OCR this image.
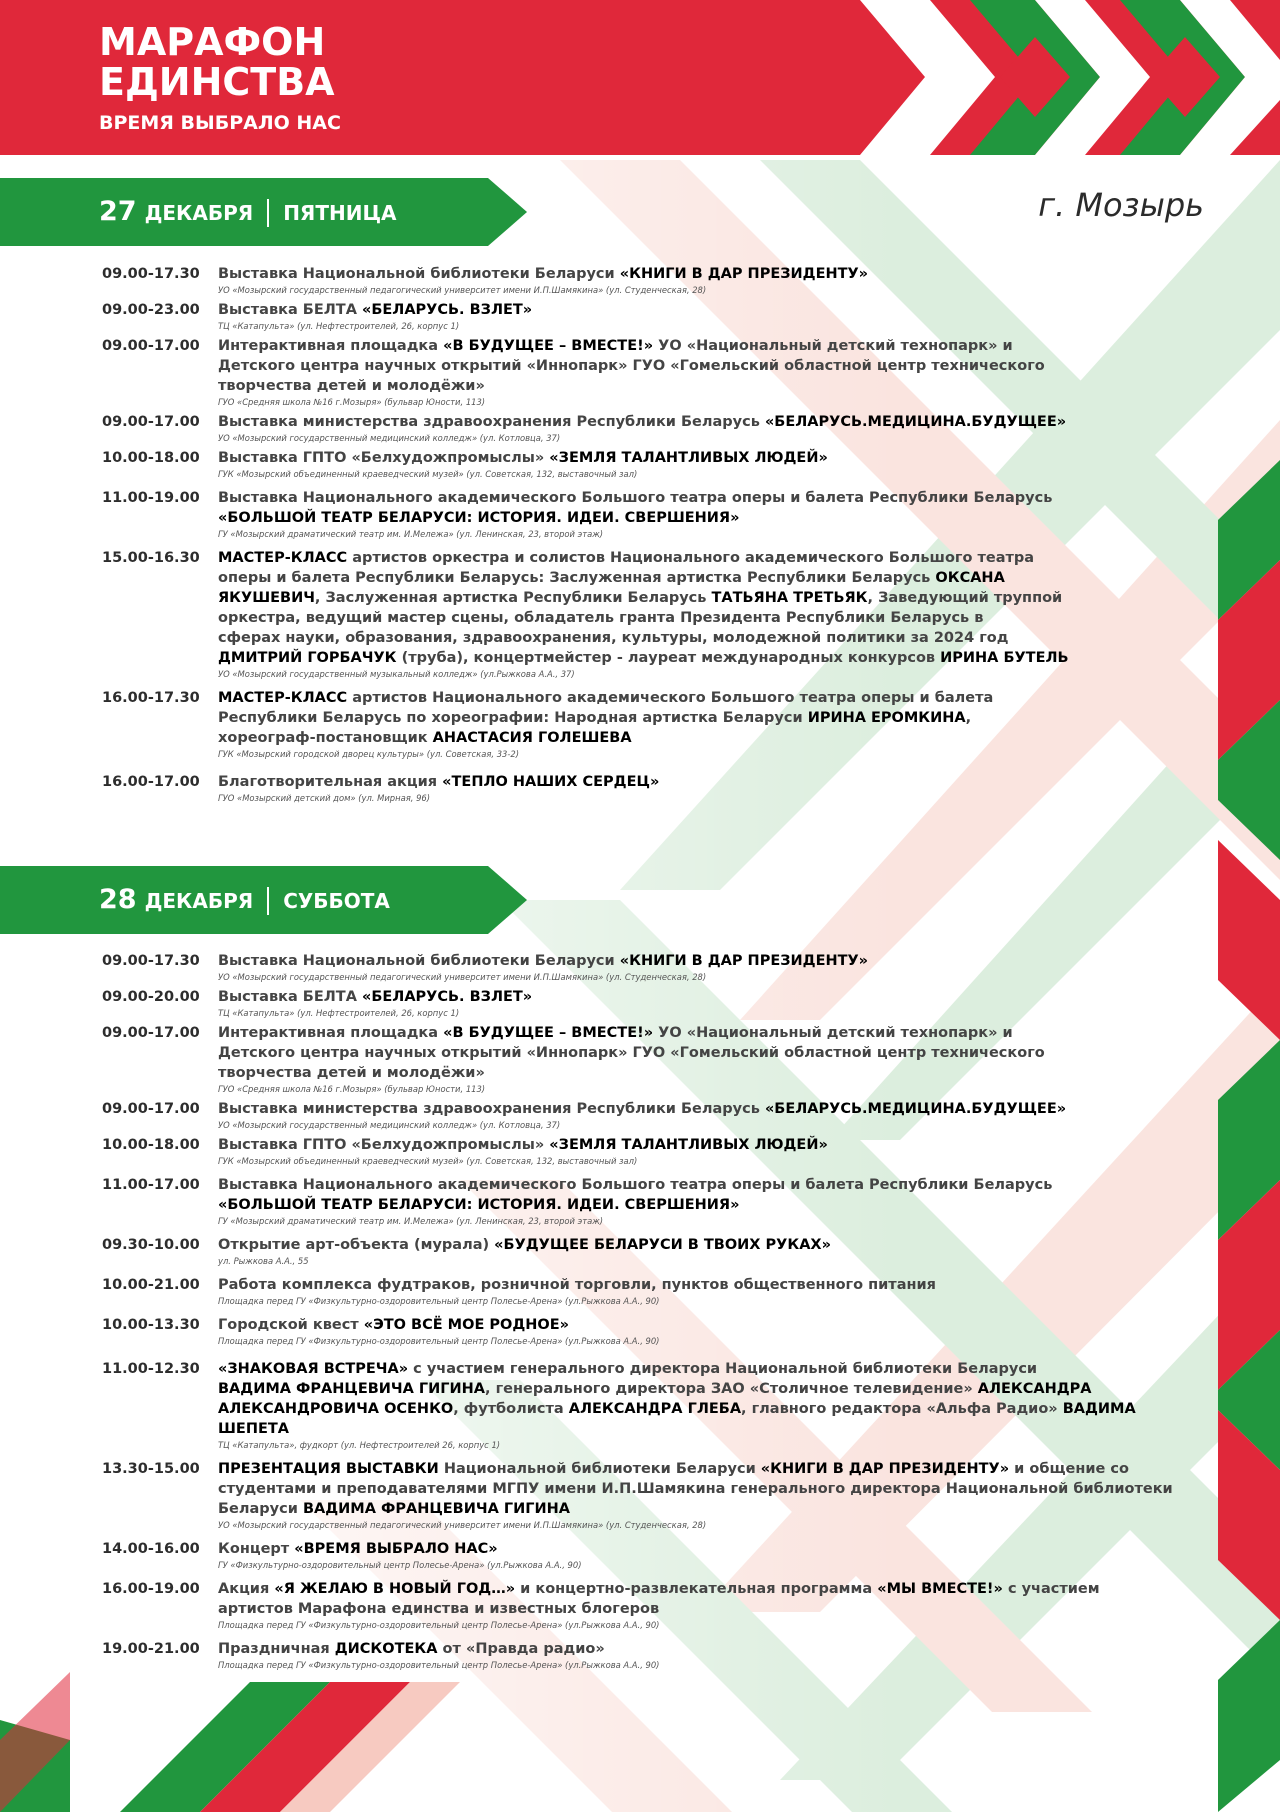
МАРАФОН
ЕДИНСТВА
ВРЕМЯ ВЫБРАЛО НАС
г. Мозырь
27 ДЕКАБРЯ ПЯТНИЦА
09.00-17.30	Выставка Национальной библиотеки Беларуси «КНИГИ В ДАР ПРЕЗИДЕНТУ»
УО «Мозырский государственный педагогический университет имени И.П.Шамякина» (ул. Студенческая, 28)
09.00-23.00	Выставка БЕЛТА «БЕЛАРУСЬ. ВЗЛЕТ»
ТЦ «Катапульта» (ул. Нефтестроителей, 26, корпус 1)
09.00-17.00	Интерактивная площадка «В БУДУЩЕЕ – ВМЕСТЕ!» УО «Национальный детский технопарк» и
Детского центра научных открытий «Иннопарк» ГУО «Гомельский областной центр технического
творчества детей и молодёжи»
ГУО «Средняя школа №16 г.Мозыря» (бульвар Юности, 113)
09.00-17.00	Выставка министерства здравоохранения Республики Беларусь «БЕЛАРУСЬ.МЕДИЦИНА.БУДУЩЕЕ»
УО «Мозырский государственный медицинский колледж» (ул. Котловца, 37)
10.00-18.00	Выставка ГПТО «Белхудожпромыслы» «ЗЕМЛЯ ТАЛАНТЛИВЫХ ЛЮДЕЙ»
ГУК «Мозырский объединенный краеведческий музей» (ул. Советская, 132, выставочный зал)
11.00-19.00	Выставка Национального академического Большого театра оперы и балета Республики Беларусь
«БОЛЬШОЙ ТЕАТР БЕЛАРУСИ: ИСТОРИЯ. ИДЕИ. СВЕРШЕНИЯ»
ГУ «Мозырский драматический театр им. И.Мележа» (ул. Ленинская, 23, второй этаж)
15.00-16.30	МАСТЕР-КЛАСС артистов оркестра и солистов Национального академического Большого театра
оперы и балета Республики Беларусь: Заслуженная артистка Республики Беларусь ОКСАНА
ЯКУШЕВИЧ, Заслуженная артистка Республики Беларусь ТАТЬЯНА ТРЕТЬЯК, Заведующий труппой
оркестра, ведущий мастер сцены, обладатель гранта Президента Республики Беларусь в
сферах науки, образования, здравоохранения, культуры, молодежной политики за 2024 год
ДМИТРИЙ ГОРБАЧУК (труба), концертмейстер - лауреат международных конкурсов ИРИНА БУТЕЛЬ
УО «Мозырский государственный музыкальный колледж» (ул.Рыжкова А.А., 37)
16.00-17.30	МАСТЕР-КЛАСС артистов Национального академического Большого театра оперы и балета
Республики Беларусь по хореографии: Народная артистка Беларуси ИРИНА ЕРОМКИНА,
хореограф-постановщик АНАСТАСИЯ ГОЛЕШЕВА
ГУК «Мозырский городской дворец культуры» (ул. Советская, 33-2)
16.00-17.00	Благотворительная акция «ТЕПЛО НАШИХ СЕРДЕЦ»
ГУО «Мозырский детский дом» (ул. Мирная, 96)
28 ДЕКАБРЯ СУББОТА
09.00-17.30	Выставка Национальной библиотеки Беларуси «КНИГИ В ДАР ПРЕЗИДЕНТУ»
УО «Мозырский государственный педагогический университет имени И.П.Шамякина» (ул. Студенческая, 28)
09.00-20.00	Выставка БЕЛТА «БЕЛАРУСЬ. ВЗЛЕТ»
ТЦ «Катапульта» (ул. Нефтестроителей, 26, корпус 1)
09.00-17.00	Интерактивная площадка «В БУДУЩЕЕ – ВМЕСТЕ!» УО «Национальный детский технопарк» и
Детского центра научных открытий «Иннопарк» ГУО «Гомельский областной центр технического
творчества детей и молодёжи»
ГУО «Средняя школа №16 г.Мозыря» (бульвар Юности, 113)
09.00-17.00	Выставка министерства здравоохранения Республики Беларусь «БЕЛАРУСЬ.МЕДИЦИНА.БУДУЩЕЕ»
УО «Мозырский государственный медицинский колледж» (ул. Котловца, 37)
10.00-18.00	Выставка ГПТО «Белхудожпромыслы» «ЗЕМЛЯ ТАЛАНТЛИВЫХ ЛЮДЕЙ»
ГУК «Мозырский объединенный краеведческий музей» (ул. Советская, 132, выставочный зал)
11.00-17.00	Выставка Национального академического Большого театра оперы и балета Республики Беларусь
«БОЛЬШОЙ ТЕАТР БЕЛАРУСИ: ИСТОРИЯ. ИДЕИ. СВЕРШЕНИЯ»
ГУ «Мозырский драматический театр им. И.Мележа» (ул. Ленинская, 23, второй этаж)
09.30-10.00	Открытие арт-объекта (мурала) «БУДУЩЕЕ БЕЛАРУСИ В ТВОИХ РУКАХ»
ул. Рыжкова А.А., 55
10.00-21.00	Работа комплекса фудтраков, розничной торговли, пунктов общественного питания
Площадка перед ГУ «Физкультурно-оздоровительный центр Полесье-Арена» (ул.Рыжкова А.А., 90)
10.00-13.30	Городской квест «ЭТО ВСЁ МОЕ РОДНОЕ»
Площадка перед ГУ «Физкультурно-оздоровительный центр Полесье-Арена» (ул.Рыжкова А.А., 90)
11.00-12.30	«ЗНАКОВАЯ ВСТРЕЧА» с участием генерального директора Национальной библиотеки Беларуси
ВАДИМА ФРАНЦЕВИЧА ГИГИНА, генерального директора ЗАО «Столичное телевидение» АЛЕКСАНДРА
АЛЕКСАНДРОВИЧА ОСЕНКО, футболиста АЛЕКСАНДРА ГЛЕБА, главного редактора «Альфа Радио» ВАДИМА ШЕПЕТА
ТЦ «Катапульта», фудкорт (ул. Нефтестроителей 26, корпус 1)
13.30-15.00	ПРЕЗЕНТАЦИЯ ВЫСТАВКИ Национальной библиотеки Беларуси «КНИГИ В ДАР ПРЕЗИДЕНТУ» и общение со
студентами и преподавателями МГПУ имени И.П.Шамякина генерального директора Национальной библиотеки
Беларуси ВАДИМА ФРАНЦЕВИЧА ГИГИНА
УО «Мозырский государственный педагогический университет имени И.П.Шамякина» (ул. Студенческая, 28)
14.00-16.00	Концерт «ВРЕМЯ ВЫБРАЛО НАС»
ГУ «Физкультурно-оздоровительный центр Полесье-Арена» (ул.Рыжкова А.А., 90)
16.00-19.00	Акция «Я ЖЕЛАЮ В НОВЫЙ ГОД…» и концертно-развлекательная программа «МЫ ВМЕСТЕ!» с участием
артистов Марафона единства и известных блогеров
Площадка перед ГУ «Физкультурно-оздоровительный центр Полесье-Арена» (ул.Рыжкова А.А., 90)
19.00-21.00	Праздничная ДИСКОТЕКА от «Правда радио»
Площадка перед ГУ «Физкультурно-оздоровительный центр Полесье-Арена» (ул.Рыжкова А.А., 90)
